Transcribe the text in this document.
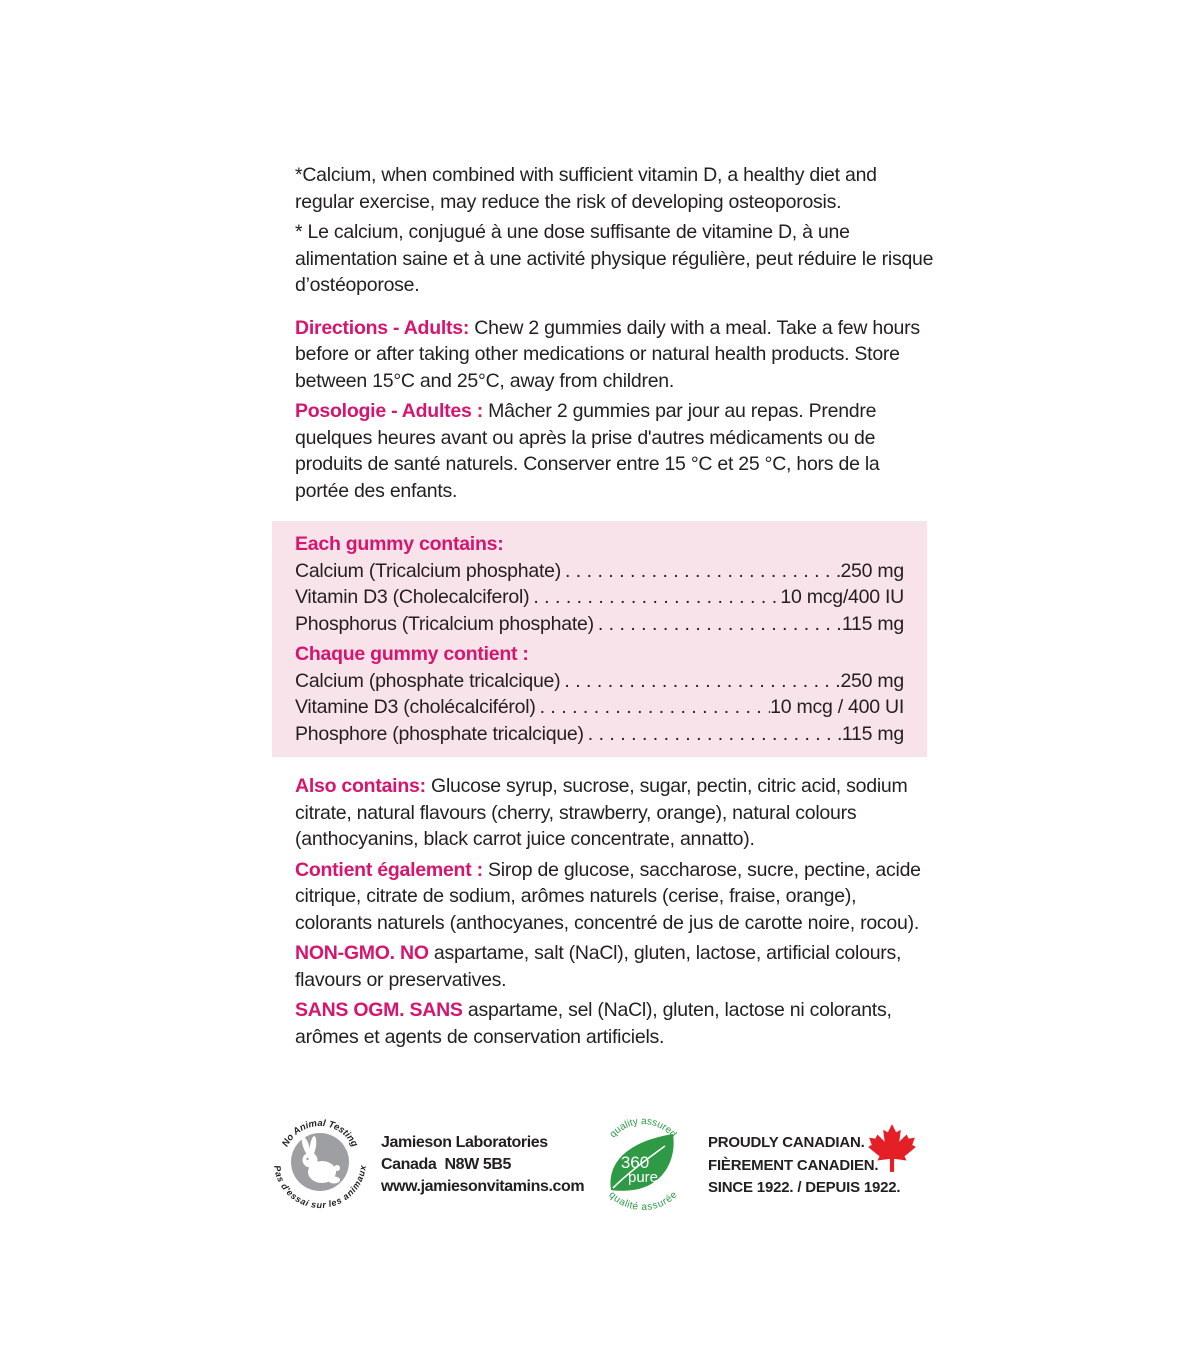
*Calcium, when combined with sufficient vitamin D, a healthy diet and regular exercise, may reduce the risk of developing osteoporosis.

* Le calcium, conjugué à une dose suffisante de vitamine D, à une alimentation saine et à une activité physique régulière, peut réduire le risque d’ostéoporose.

Directions - Adults: Chew 2 gummies daily with a meal. Take a few hours before or after taking other medications or natural health products. Store between 15°C and 25°C, away from children.

Posologie - Adultes : Mâcher 2 gummies par jour au repas. Prendre quelques heures avant ou après la prise d'autres médicaments ou de produits de santé naturels. Conserver entre 15 °C et 25 °C, hors de la portée des enfants.

Each gummy contains:
Calcium (Tricalcium phosphate) . . .	250 mg
Vitamin D3 (Cholecalciferol) . . .	10 mcg/400 IU
Phosphorus (Tricalcium phosphate) . . .	115 mg
Chaque gummy contient :
Calcium (phosphate tricalcique) . . .	250 mg
Vitamine D3 (cholécalciférol) . . .	10 mcg / 400 UI
Phosphore (phosphate tricalcique) . . .	115 mg

Also contains: Glucose syrup, sucrose, sugar, pectin, citric acid, sodium citrate, natural flavours (cherry, strawberry, orange), natural colours (anthocyanins, black carrot juice concentrate, annatto).

Contient également : Sirop de glucose, saccharose, sucre, pectine, acide citrique, citrate de sodium, arômes naturels (cerise, fraise, orange), colorants naturels (anthocyanes, concentré de jus de carotte noire, rocou).

NON-GMO. NO aspartame, salt (NaCl), gluten, lactose, artificial colours, flavours or preservatives.

SANS OGM. SANS aspartame, sel (NaCl), gluten, lactose ni colorants, arômes et agents de conservation artificiels.

No Animal Testing
Pas d'essai sur les animaux
Jamieson Laboratories
Canada  N8W 5B5
www.jamiesonvitamins.com
360
pure
quality assured
qualité assurée
PROUDLY CANADIAN.
FIÈREMENT CANADIEN.
SINCE 1922. / DEPUIS 1922.
